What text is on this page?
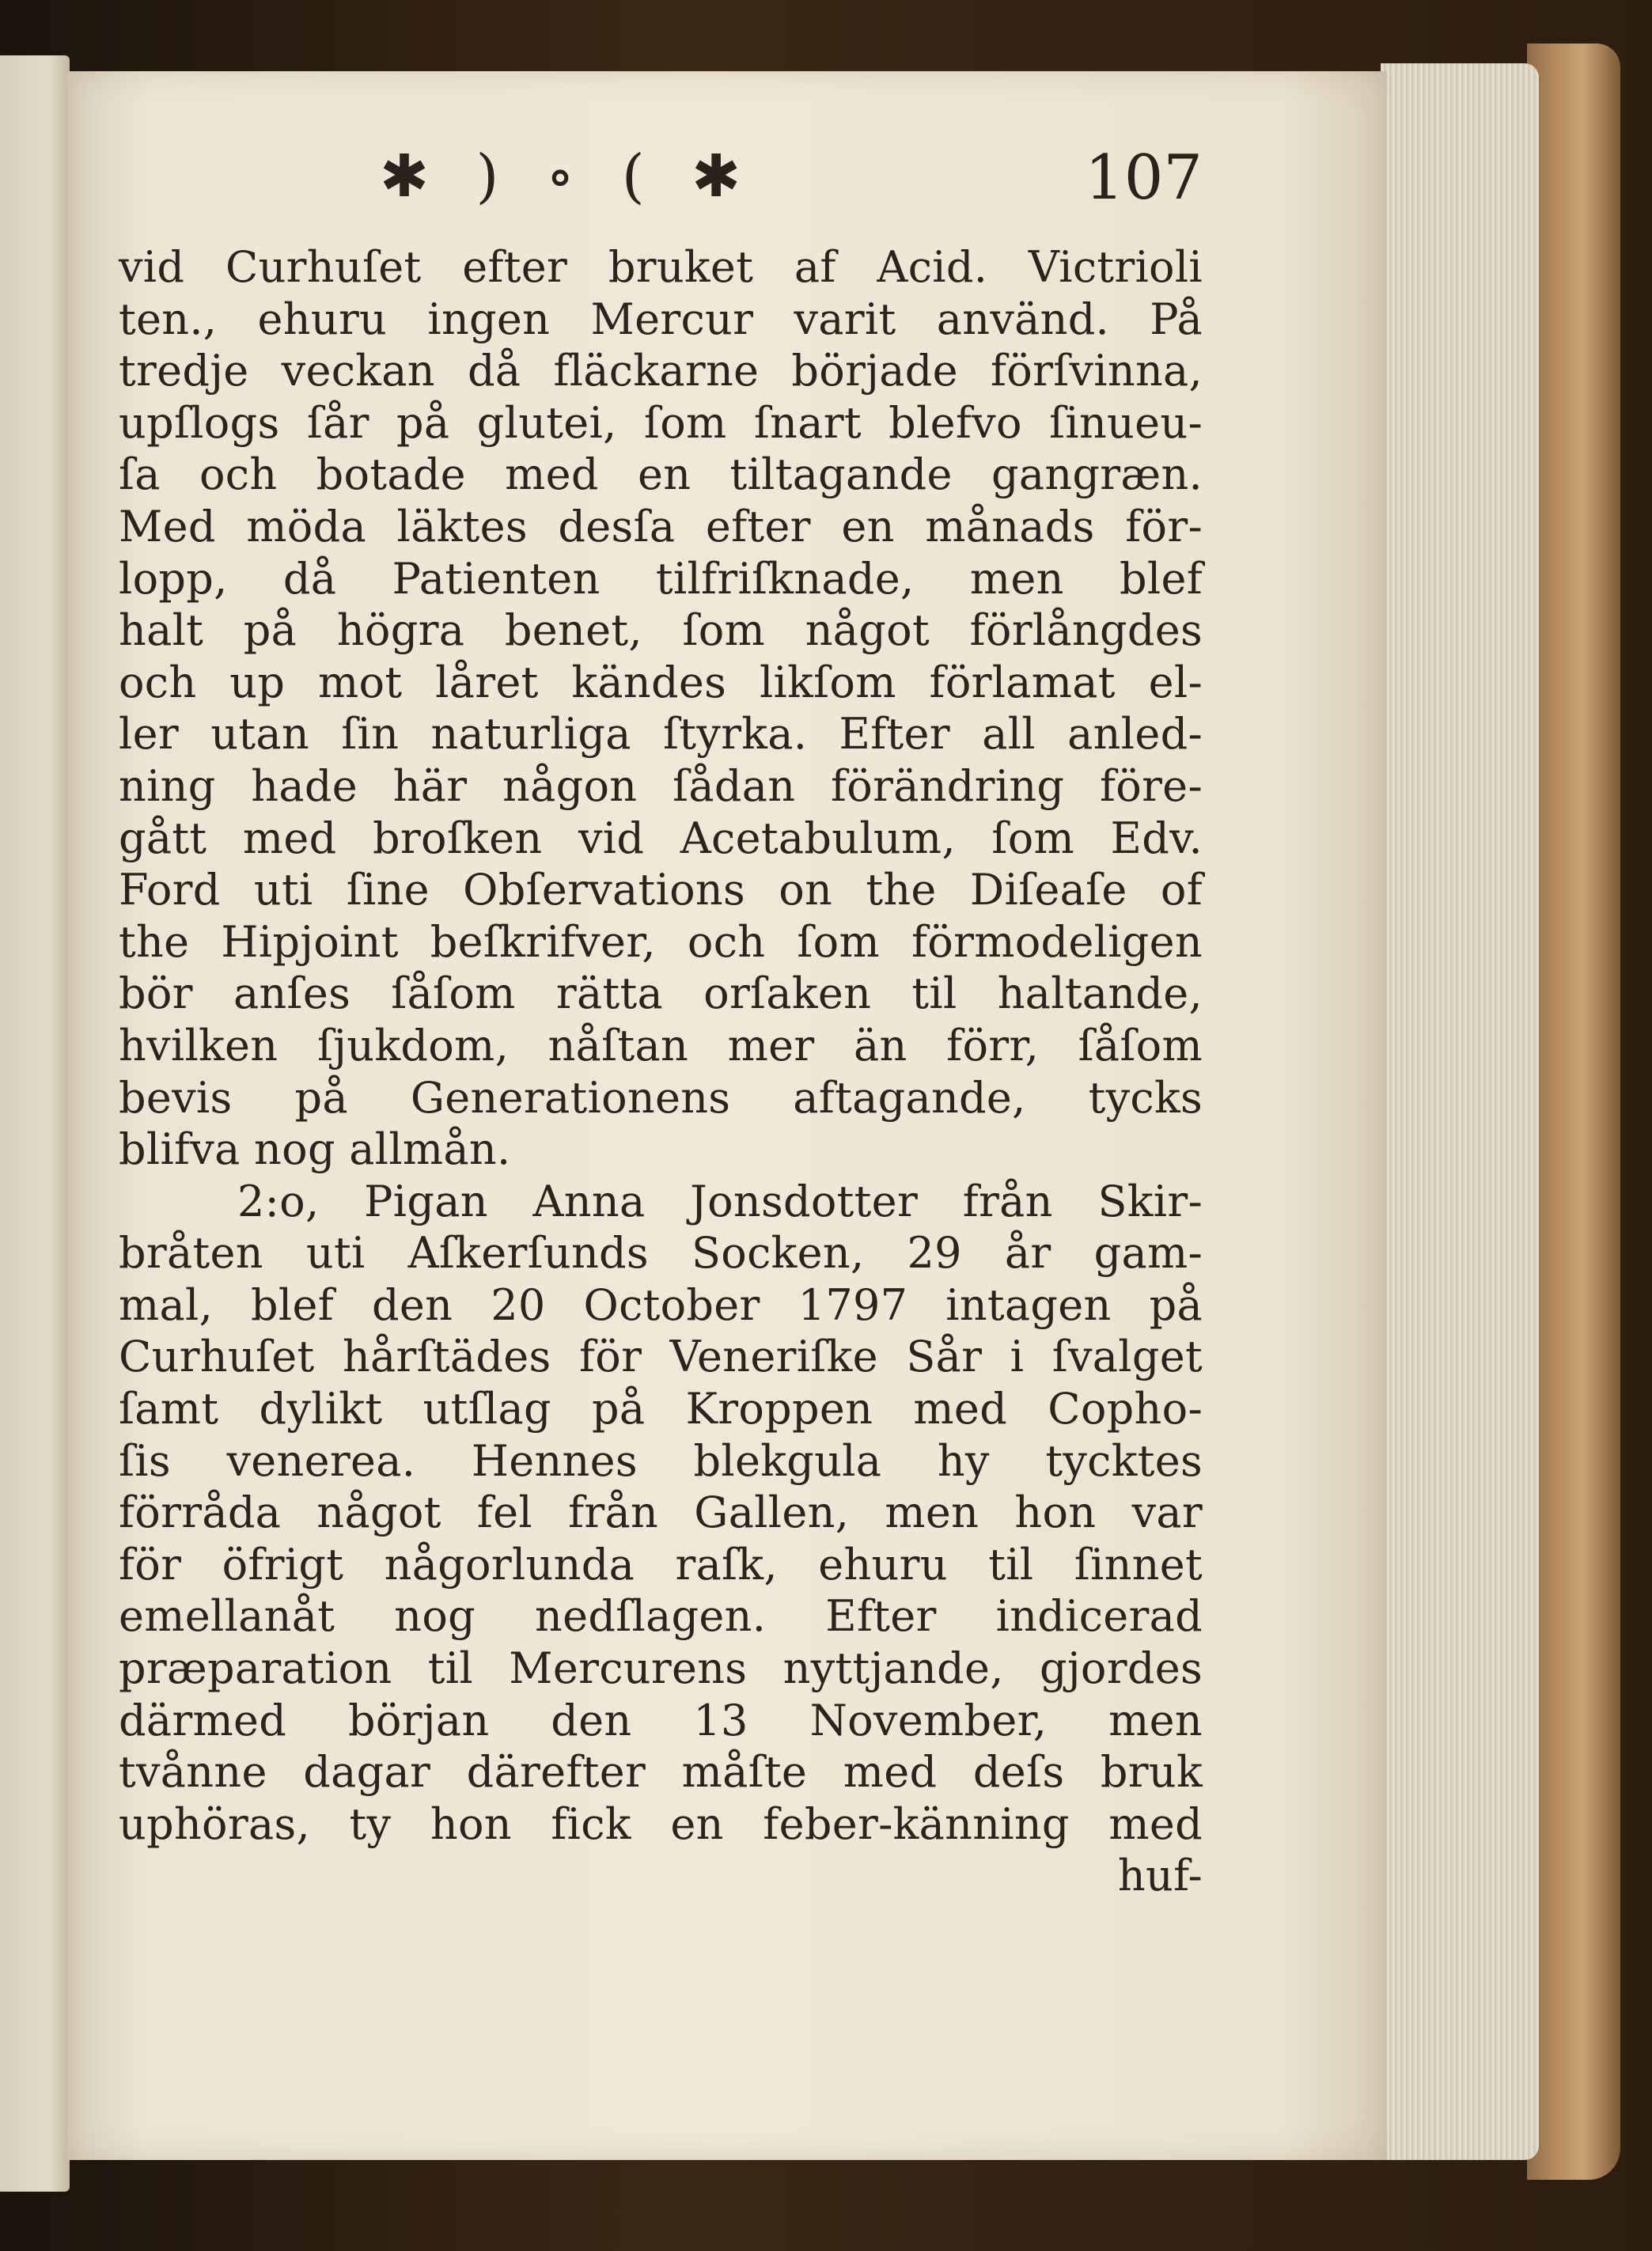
✱ ) ∘ ( ✱	107
vid Curhuſet efter bruket af Acid. Victrioli
ten., ehuru ingen Mercur varit använd. På
tredje veckan då fläckarne började förſvinna,
upſlogs ſår på glutei, ſom ſnart blefvo ſinueu-
ſa och botade med en tiltagande gangræn.
Med möda läktes desſa efter en månads för-
lopp, då Patienten tilfriſknade, men blef
halt på högra benet, ſom något förlångdes
och up mot låret kändes likſom förlamat el-
ler utan ſin naturliga ſtyrka. Efter all anled-
ning hade här någon ſådan förändring före-
gått med broſken vid Acetabulum, ſom Edv.
Ford uti ſine Obſervations on the Diſeaſe of
the Hipjoint beſkrifver, och ſom förmodeligen
bör anſes ſåſom rätta orſaken til haltande,
hvilken ſjukdom, nåſtan mer än förr, ſåſom
bevis på Generationens aftagande, tycks
blifva nog allmån.
2:o, Pigan Anna Jonsdotter från Skir-
bråten uti Aſkerſunds Socken, 29 år gam-
mal, blef den 20 October 1797 intagen på
Curhuſet hårſtädes för Veneriſke Sår i ſvalget
ſamt dylikt utſlag på Kroppen med Copho-
ſis venerea. Hennes blekgula hy tycktes
förråda något fel från Gallen, men hon var
för öfrigt någorlunda raſk, ehuru til ſinnet
emellanåt nog nedſlagen. Efter indicerad
præparation til Mercurens nyttjande, gjordes
därmed början den 13 November, men
tvånne dagar därefter måſte med deſs bruk
uphöras, ty hon fick en feber-känning med
huf-
